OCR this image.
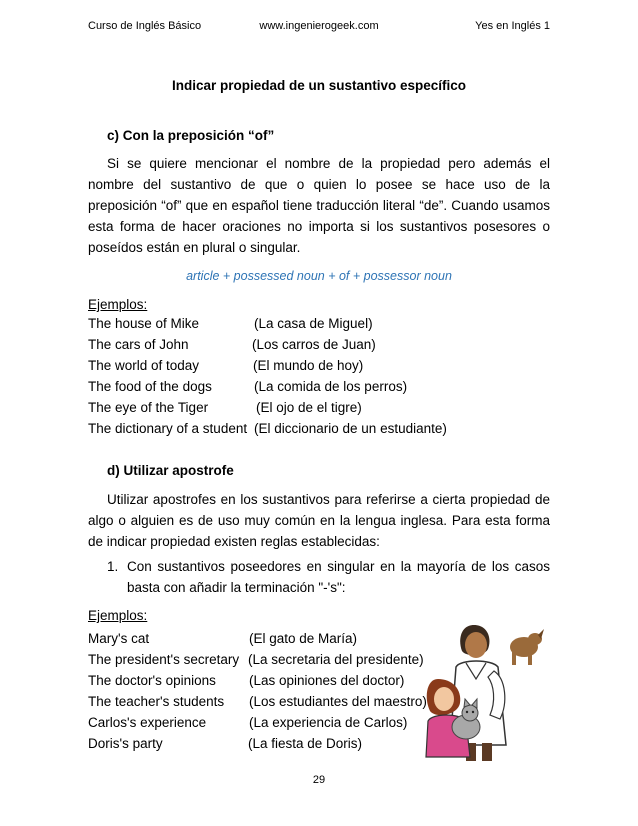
Curso de Inglés Básico	www.ingenierogeek.com	Yes en Inglés 1
Indicar propiedad de un sustantivo específico
c) Con la preposición “of”
Si se quiere mencionar el nombre de la propiedad pero además el nombre del sustantivo de que o quien lo posee se hace uso de la preposición “of” que en español tiene traducción literal “de”. Cuando usamos esta forma de hacer oraciones no importa si los sustantivos posesores o poseídos están en plural o singular.
article + possessed noun + of + possessor noun
Ejemplos:
The house of Mike	(La casa de Miguel)
The cars of John	(Los carros de Juan)
The world of today	(El mundo de hoy)
The food of the dogs	(La comida de los perros)
The eye of the Tiger	(El ojo de el tigre)
The dictionary of a student (El diccionario de un estudiante)
d) Utilizar apostrofe
Utilizar apostrofes en los sustantivos para referirse a cierta propiedad de algo o alguien es de uso muy común en la lengua inglesa. Para esta forma de indicar propiedad existen reglas establecidas:
1. Con sustantivos poseedores en singular en la mayoría de los casos basta con añadir la terminación "-'s":
Ejemplos:
Mary's cat	(El gato de María)
The president's secretary (La secretaria del presidente)
The doctor's opinions (Las opiniones del doctor)
The teacher's students (Los estudiantes del maestro)
Carlos's experience	(La experiencia de Carlos)
Doris's party	(La fiesta de Doris)
29
